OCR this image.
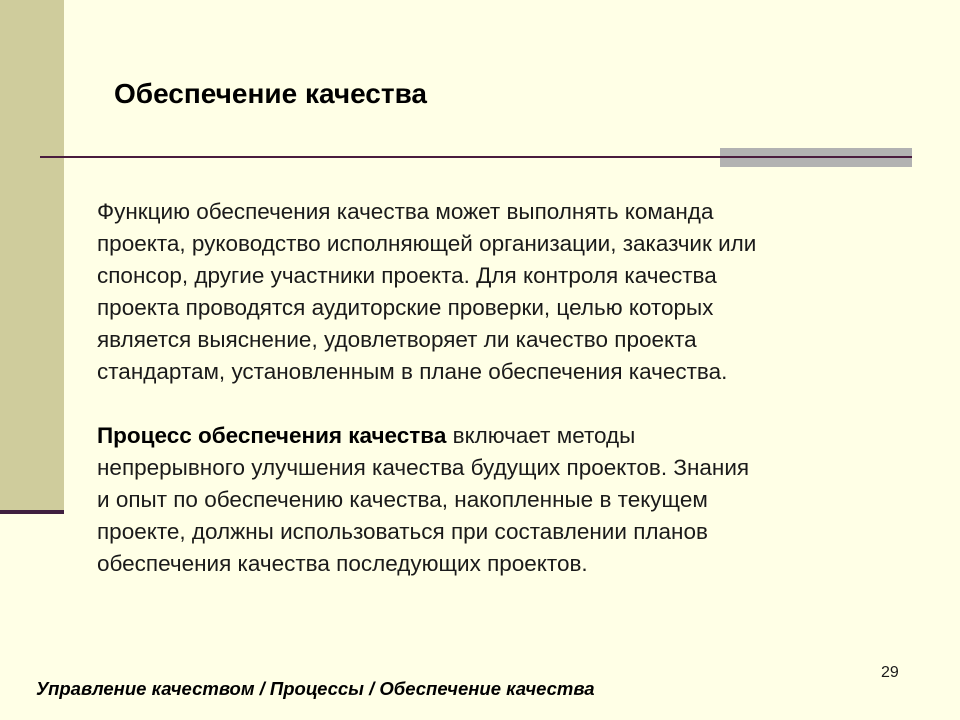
Обеспечение качества

Функцию обеспечения качества может выполнять команда

проекта, руководство исполняющей организации, заказчик или

спонсор, другие участники проекта. Для контроля качества

проекта проводятся аудиторские проверки, целью которых

является выяснение, удовлетворяет ли качество проекта

стандартам, установленным в плане обеспечения качества.

Процесс обеспечения качества включает методы

непрерывного улучшения качества будущих проектов. Знания

и опыт по обеспечению качества, накопленные в текущем

проекте, должны использоваться при составлении планов

обеспечения качества последующих проектов.

29
Управление качеством / Процессы / Обеспечение качества
